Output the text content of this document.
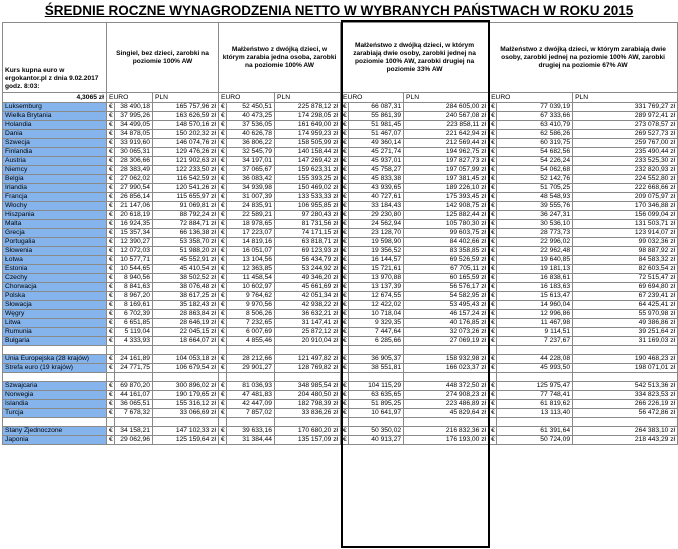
ŚREDNIE ROCZNE WYNAGRODZENIA NETTO W WYBRANYCH PAŃSTWACH W ROKU 2015
Kurs kupna euro w ergokantor.pl z dnia 9.02.2017 godz. 8:03:	Singiel, bez dzieci, zarobki na poziomie 100% AW			Małżeństwo z dwójką dzieci, w którym zarabia jedna osoba, zarobki na poziomie 100% AW			Małżeństwo z dwójką dzieci, w którym zarabiają dwie osoby, zarobki jednej na poziomie 100% AW, zarobki drugiej na poziomie 33% AW			Małżeństwo z dwójką dzieci, w którym zarabiają dwie osoby, zarobki jednej na poziomie 100% AW, zarobki drugiej na poziomie 67% AW		
4,3065 zł	EURO		PLN	EURO		PLN	EURO		PLN	EURO		PLN
Luksemburg	€	38 490,18	165 757,96 zł	€	52 450,51	225 878,12 zł	€	66 087,31	284 605,00 zł	€	77 039,19	331 769,27 zł
Wielka Brytania	€	37 995,26	163 626,59 zł	€	40 473,25	174 298,05 zł	€	55 861,39	240 567,08 zł	€	67 333,66	289 972,41 zł
Holandia	€	34 499,05	148 570,16 zł	€	37 536,05	161 649,00 zł	€	51 981,45	223 858,11 zł	€	63 410,79	273 078,57 zł
Dania	€	34 878,05	150 202,32 zł	€	40 626,78	174 959,23 zł	€	51 467,07	221 642,94 zł	€	62 586,26	269 527,73 zł
Szwecja	€	33 919,60	146 074,76 zł	€	36 806,22	158 505,99 zł	€	49 360,14	212 569,44 zł	€	60 319,75	259 767,00 zł
Finlandia	€	30 065,31	129 476,26 zł	€	32 545,79	140 158,44 zł	€	45 271,74	194 962,75 zł	€	54 682,56	235 490,44 zł
Austria	€	28 306,66	121 902,63 zł	€	34 197,01	147 269,42 zł	€	45 937,01	197 827,73 zł	€	54 226,24	233 525,30 zł
Niemcy	€	28 383,49	122 233,50 zł	€	37 065,67	159 623,31 zł	€	45 758,27	197 057,99 zł	€	54 062,68	232 820,93 zł
Belgia	€	27 062,02	116 542,59 zł	€	36 083,42	155 393,25 zł	€	45 833,38	197 381,45 zł	€	52 142,76	224 552,80 zł
Irlandia	€	27 990,54	120 541,26 zł	€	34 939,98	150 469,02 zł	€	43 939,65	189 226,10 zł	€	51 705,25	222 668,66 zł
Francja	€	26 856,14	115 655,97 zł	€	31 007,39	133 533,33 zł	€	40 727,61	175 393,45 zł	€	48 548,93	209 075,97 zł
Włochy	€	21 147,06	91 069,81 zł	€	24 835,91	106 955,85 zł	€	33 184,43	142 908,75 zł	€	39 555,76	170 346,88 zł
Hiszpania	€	20 618,19	88 792,24 zł	€	22 589,21	97 280,43 zł	€	29 230,80	125 882,44 zł	€	36 247,31	156 099,04 zł
Malta	€	16 924,35	72 884,71 zł	€	18 978,65	81 731,56 zł	€	24 562,94	105 780,30 zł	€	30 536,10	131 503,71 zł
Grecja	€	15 357,34	66 136,38 zł	€	17 223,07	74 171,15 zł	€	23 128,70	99 603,75 zł	€	28 773,73	123 914,07 zł
Portugalia	€	12 390,27	53 358,70 zł	€	14 819,16	63 818,71 zł	€	19 598,90	84 402,66 zł	€	22 996,02	99 032,36 zł
Słowenia	€	12 072,03	51 988,20 zł	€	16 051,07	69 123,93 zł	€	19 356,52	83 358,85 zł	€	22 962,48	98 887,92 zł
Łotwa	€	10 577,71	45 552,91 zł	€	13 104,56	56 434,79 zł	€	16 144,57	69 526,59 zł	€	19 640,85	84 583,32 zł
Estonia	€	10 544,65	45 410,54 zł	€	12 363,85	53 244,92 zł	€	15 721,61	67 705,11 zł	€	19 181,13	82 603,54 zł
Czechy	€	8 940,56	38 502,52 zł	€	11 458,54	49 346,20 zł	€	13 970,88	60 165,59 zł	€	16 838,61	72 515,47 zł
Chorwacja	€	8 841,63	38 076,48 zł	€	10 602,97	45 661,69 zł	€	13 137,39	56 576,17 zł	€	16 183,63	69 694,80 zł
Polska	€	8 967,20	38 617,25 zł	€	9 764,62	42 051,34 zł	€	12 674,55	54 582,95 zł	€	15 613,47	67 239,41 zł
Słowacja	€	8 169,61	35 182,43 zł	€	9 970,56	42 938,22 zł	€	12 422,02	53 495,43 zł	€	14 960,04	64 425,41 zł
Węgry	€	6 702,39	28 863,84 zł	€	8 506,26	36 632,21 zł	€	10 718,04	46 157,24 zł	€	12 996,86	55 970,98 zł
Litwa	€	6 651,85	28 646,19 zł	€	7 232,65	31 147,41 zł	€	9 329,35	40 176,85 zł	€	11 467,98	49 386,86 zł
Rumunia	€	5 119,04	22 045,15 zł	€	6 007,69	25 872,12 zł	€	7 447,64	32 073,26 zł	€	9 114,51	39 251,64 zł
Bułgaria	€	4 333,93	18 664,07 zł	€	4 855,46	20 910,04 zł	€	6 285,66	27 069,19 zł	€	7 237,67	31 169,03 zł

Unia Europejska (28 krajów)	€	24 161,89	104 053,18 zł	€	28 212,66	121 497,82 zł	€	36 905,37	158 932,98 zł	€	44 228,08	190 468,23 zł
Strefa euro (19 krajów)	€	24 771,75	106 679,54 zł	€	29 901,27	128 769,82 zł	€	38 551,81	166 023,37 zł	€	45 993,50	198 071,01 zł

Szwajcaria	€	69 870,20	300 896,02 zł	€	81 036,93	348 985,54 zł	€	104 115,29	448 372,50 zł	€	125 975,47	542 513,36 zł
Norwegia	€	44 161,07	190 179,65 zł	€	47 481,83	204 480,50 zł	€	63 635,65	274 908,23 zł	€	77 748,41	334 823,53 zł
Islandia	€	36 065,51	155 316,12 zł	€	42 447,09	182 798,39 zł	€	51 895,25	223 486,89 zł	€	61 819,62	266 226,19 zł
Turcja	€	7 678,32	33 066,69 zł	€	7 857,02	33 836,26 zł	€	10 641,97	45 829,64 zł	€	13 113,40	56 472,86 zł

Stany Zjednoczone	€	34 158,21	147 102,33 zł	€	39 633,16	170 680,20 zł	€	50 350,02	216 832,36 zł	€	61 391,64	264 383,10 zł
Japonia	€	29 062,96	125 159,64 zł	€	31 384,44	135 157,09 zł	€	40 913,27	176 193,00 zł	€	50 724,09	218 443,29 zł
